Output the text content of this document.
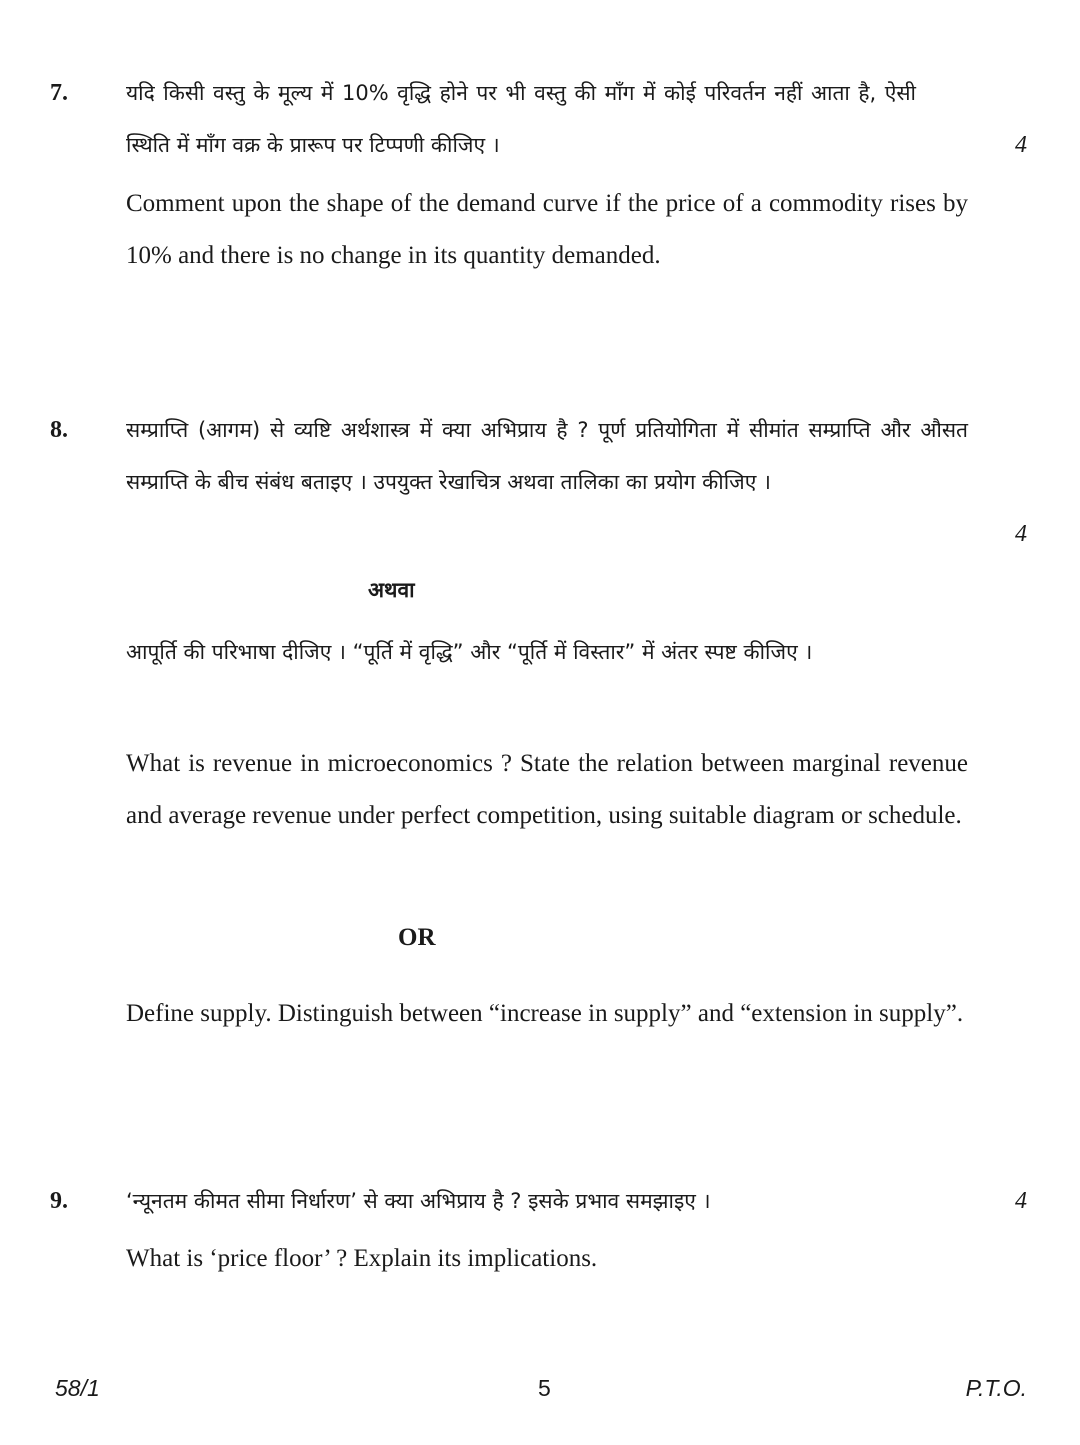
7.	यदि किसी वस्तु के मूल्य में 10% वृद्धि होने पर भी वस्तु की माँग में कोई परिवर्तन नहीं आता है, ऐसी स्थिति में माँग वक्र के प्रारूप पर टिप्पणी कीजिए ।	4

Comment upon the shape of the demand curve if the price of a commodity rises by 10% and there is no change in its quantity demanded.

8.	सम्प्राप्ति (आगम) से व्यष्टि अर्थशास्त्र में क्या अभिप्राय है ? पूर्ण प्रतियोगिता में सीमांत सम्प्राप्ति और औसत सम्प्राप्ति के बीच संबंध बताइए । उपयुक्त रेखाचित्र अथवा तालिका का प्रयोग कीजिए ।

4
अथवा

आपूर्ति की परिभाषा दीजिए । “पूर्ति में वृद्धि” और “पूर्ति में विस्तार” में अंतर स्पष्ट कीजिए ।

What is revenue in microeconomics ? State the relation between marginal revenue and average revenue under perfect competition, using suitable diagram or schedule.

OR

Define supply. Distinguish between “increase in supply” and “extension in supply”.

9.	‘न्यूनतम कीमत सीमा निर्धारण’ से क्या अभिप्राय है ? इसके प्रभाव समझाइए ।	4

What is ‘price floor’ ? Explain its implications.

58/1	5	P.T.O.
